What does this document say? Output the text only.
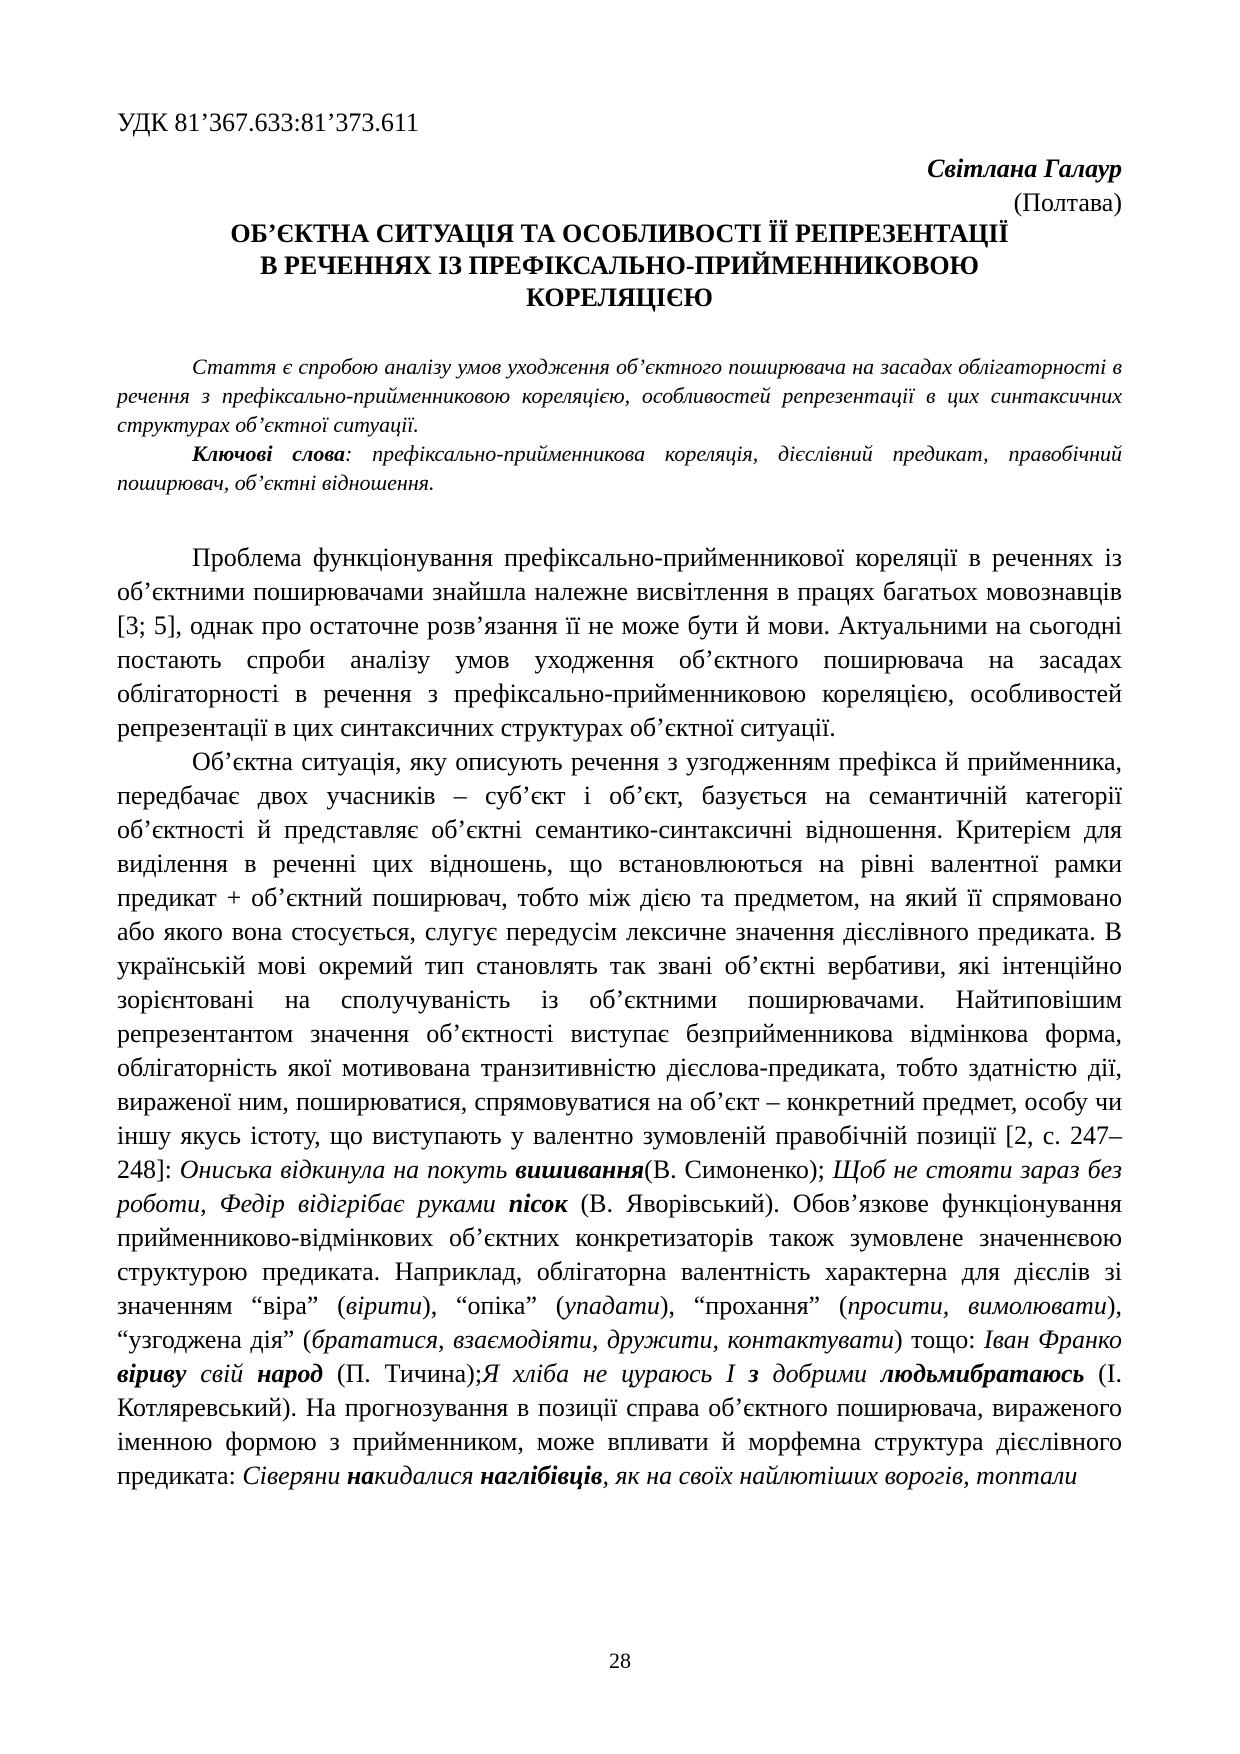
УДК 81’367.633:81’373.611
Світлана Галаур
(Полтава)
ОБ’ЄКТНА СИТУАЦІЯ ТА ОСОБЛИВОСТІ ЇЇ РЕПРЕЗЕНТАЦІЇ
В РЕЧЕННЯХ ІЗ ПРЕФІКСАЛЬНО-ПРИЙМЕННИКОВОЮ
КОРЕЛЯЦІЄЮ

Стаття є спробою аналізу умов уходження об’єктного поширювача на засадах облігаторності в речення з префіксально-прийменниковою кореляцією, особливостей репрезентації в цих синтаксичних структурах об’єктної ситуації.

Ключові слова: префіксально-прийменникова кореляція, дієслівний предикат, правобічний поширювач, об’єктні відношення.

Проблема функціонування префіксально-прийменникової кореляції в реченнях із об’єктними поширювачами знайшла належне висвітлення в працях багатьох мовознавців [3; 5], однак про остаточне розв’язання її не може бути й мови. Актуальними на сьогодні постають спроби аналізу умов уходження об’єктного поширювача на засадах облігаторності в речення з префіксально-прийменниковою кореляцією, особливостей репрезентації в цих синтаксичних структурах об’єктної ситуації.

Об’єктна ситуація, яку описують речення з узгодженням префікса й прийменника, передбачає двох учасників – суб’єкт і об’єкт, базується на семантичній категорії об’єктності й представляє об’єктні семантико-синтаксичні відношення. Критерієм для виділення в реченні цих відношень, що встановлюються на рівні валентної рамки предикат + об’єктний поширювач, тобто між дією та предметом, на який її спрямовано або якого вона стосується, слугує передусім лексичне значення дієслівного предиката. В українській мові окремий тип становлять так звані об’єктні вербативи, які інтенційно зорієнтовані на сполучуваність із об’єктними поширювачами. Найтиповішим репрезентантом значення об’єктності виступає безприйменникова відмінкова форма, облігаторність якої мотивована транзитивністю дієслова-предиката, тобто здатністю дії, вираженої ним, поширюватися, спрямовуватися на об’єкт – конкретний предмет, особу чи іншу якусь істоту, що виступають у валентно зумовленій правобічній позиції [2, с. 247–248]: Ониська відкинула на покуть вишивання(В. Симоненко); Щоб не стояти зараз без роботи, Федір відігрібає руками пісок (В. Яворівський). Обов’язкове функціонування прийменниково-відмінкових об’єктних конкретизаторів також зумовлене значеннєвою структурою предиката. Наприклад, облігаторна валентність характерна для дієслів зі значенням “віра” (вірити), “опіка” (упадати), “прохання” (просити, вимолювати), “узгоджена дія” (брататися, взаємодіяти, дружити, контактувати) тощо: Іван Франко віриву свій народ (П. Тичина);Я хліба не цураюсь І з добрими людьмибратаюсь (І. Котляревський). На прогнозування в позиції справа об’єктного поширювача, вираженого іменною формою з прийменником, може впливати й морфемна структура дієслівного предиката: Сіверяни накидалися наглібівців, як на своїх найлютіших ворогів, топтали

28
